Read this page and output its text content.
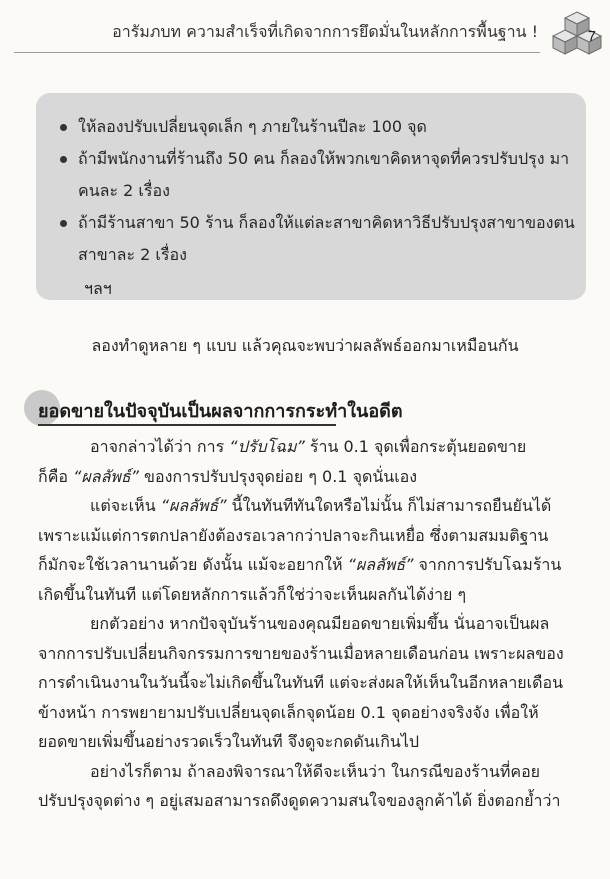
อารัมภบท ความสำเร็จที่เกิดจากการยึดมั่นในหลักการพื้นฐาน !	7
ให้ลองปรับเปลี่ยนจุดเล็ก ๆ ภายในร้านปีละ 100 จุด
ถ้ามีพนักงานที่ร้านถึง 50 คน ก็ลองให้พวกเขาคิดหาจุดที่ควรปรับปรุง มาคนละ 2 เรื่อง
ถ้ามีร้านสาขา 50 ร้าน ก็ลองให้แต่ละสาขาคิดหาวิธีปรับปรุงสาขาของตน สาขาละ 2 เรื่อง
ฯลฯ
ลองทำดูหลาย ๆ แบบ แล้วคุณจะพบว่าผลลัพธ์ออกมาเหมือนกัน
ยอดขายในปัจจุบันเป็นผลจากการกระทำในอดีต

อาจกล่าวได้ว่า การ “ปรับโฉม” ร้าน 0.1 จุดเพื่อกระตุ้นยอดขาย

ก็คือ “ผลลัพธ์” ของการปรับปรุงจุดย่อย ๆ 0.1 จุดนั่นเอง

แต่จะเห็น “ผลลัพธ์” นี้ในทันทีทันใดหรือไม่นั้น ก็ไม่สามารถยืนยันได้

เพราะแม้แต่การตกปลายังต้องรอเวลากว่าปลาจะกินเหยื่อ ซึ่งตามสมมติฐาน

ก็มักจะใช้เวลานานด้วย ดังนั้น แม้จะอยากให้ “ผลลัพธ์” จากการปรับโฉมร้าน

เกิดขึ้นในทันที แต่โดยหลักการแล้วก็ใช่ว่าจะเห็นผลกันได้ง่าย ๆ

ยกตัวอย่าง หากปัจจุบันร้านของคุณมียอดขายเพิ่มขึ้น นั่นอาจเป็นผล

จากการปรับเปลี่ยนกิจกรรมการขายของร้านเมื่อหลายเดือนก่อน เพราะผลของ

การดำเนินงานในวันนี้จะไม่เกิดขึ้นในทันที แต่จะส่งผลให้เห็นในอีกหลายเดือน

ข้างหน้า การพยายามปรับเปลี่ยนจุดเล็กจุดน้อย 0.1 จุดอย่างจริงจัง เพื่อให้

ยอดขายเพิ่มขึ้นอย่างรวดเร็วในทันที จึงดูจะกดดันเกินไป

อย่างไรก็ตาม ถ้าลองพิจารณาให้ดีจะเห็นว่า ในกรณีของร้านที่คอย

ปรับปรุงจุดต่าง ๆ อยู่เสมอสามารถดึงดูดความสนใจของลูกค้าได้ ยิ่งตอกย้ำว่า
